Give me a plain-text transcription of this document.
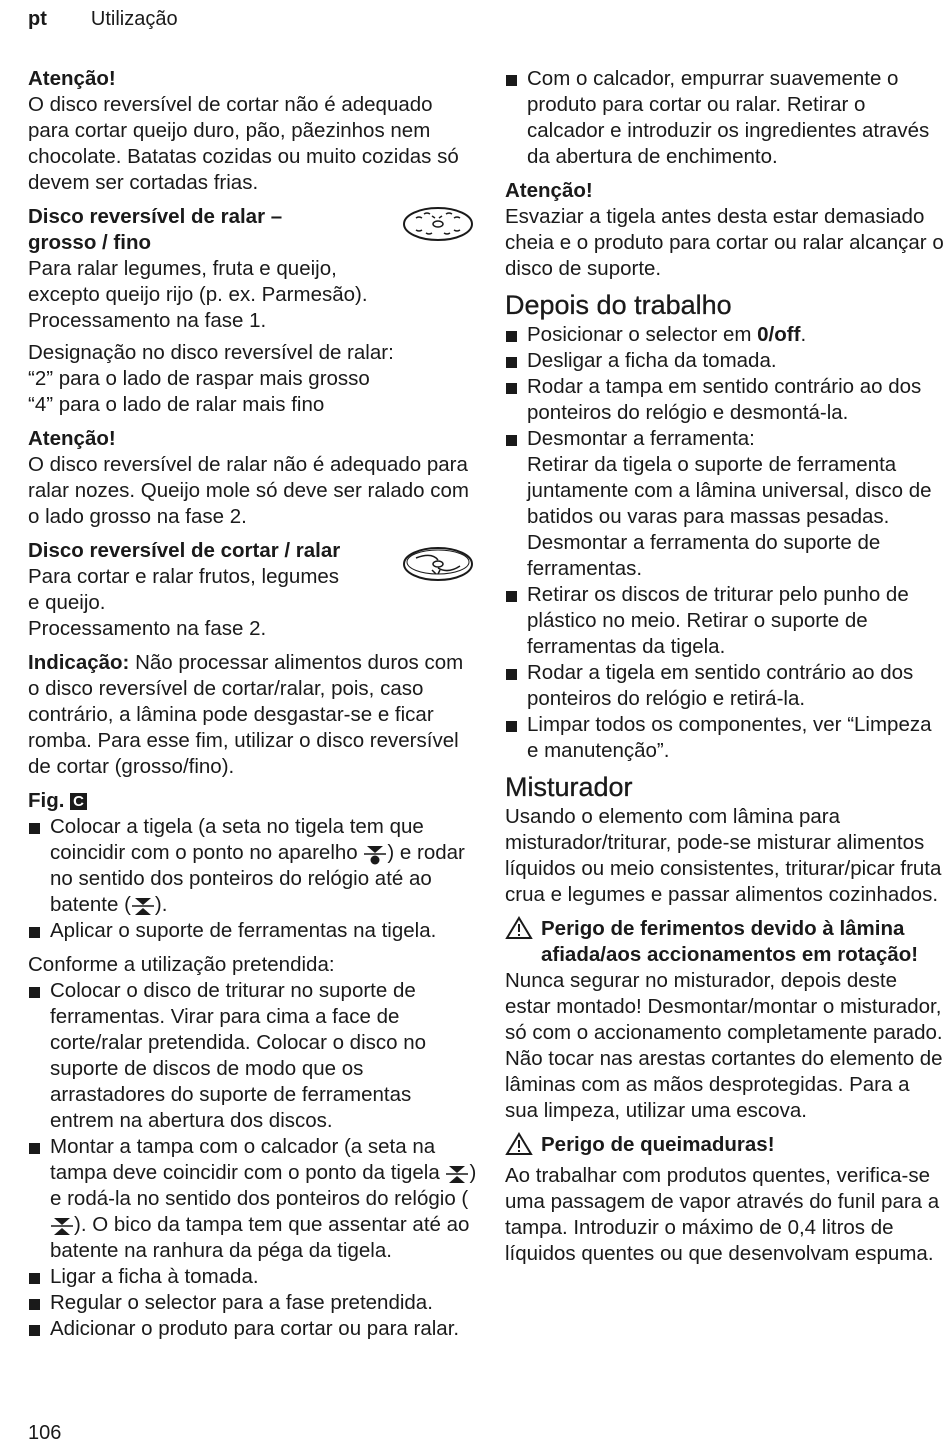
pt Utilização

Atenção!
O disco reversível de cortar não é adequado para cortar queijo duro, pão, pãezinhos nem chocolate. Batatas cozidas ou muito cozidas só devem ser cortadas frias.

Disco reversível de ralar –
grosso / fino
Para ralar legumes, fruta e queijo, excepto queijo rijo (p. ex. Parmesão).
Processamento na fase 1.

Designação no disco reversível de ralar:
“2” para o lado de raspar mais grosso
“4” para o lado de ralar mais fino

Atenção!
O disco reversível de ralar não é adequado para ralar nozes. Queijo mole só deve ser ralado com o lado grosso na fase 2.

Disco reversível de cortar / ralar
Para cortar e ralar frutos, legumes
e queijo.
Processamento na fase 2.

Indicação: Não processar alimentos duros com o disco reversível de cortar/ralar, pois, caso contrário, a lâmina pode desgastar-se e ficar romba. Para esse fim, utilizar o disco reversível de cortar (grosso/fino).

Fig. C
Colocar a tigela (a seta no tigela tem que coincidir com o ponto no aparelho ) e rodar no sentido dos ponteiros do relógio até ao batente ( ).
Aplicar o suporte de ferramentas na tigela.

Conforme a utilização pretendida:

Colocar o disco de triturar no suporte de ferramentas. Virar para cima a face de corte/ralar pretendida. Colocar o disco no suporte de discos de modo que os arrastadores do suporte de ferramentas entrem na abertura dos discos.
Montar a tampa com o calcador (a seta na tampa deve coincidir com o ponto da tigela ) e rodá-la no sentido dos ponteiros do relógio (). O bico da tampa tem que assentar até ao batente na ranhura da péga da tigela.
Ligar a ficha à tomada.
Regular o selector para a fase pretendida.
Adicionar o produto para cortar ou para ralar.
Com o calcador, empurrar suavemente o produto para cortar ou ralar. Retirar o calcador e introduzir os ingredientes através da abertura de enchimento.

Atenção!
Esvaziar a tigela antes desta estar demasiado cheia e o produto para cortar ou ralar alcançar o disco de suporte.

Depois do trabalho
Posicionar o selector em 0/off.
Desligar a ficha da tomada.
Rodar a tampa em sentido contrário ao dos ponteiros do relógio e desmontá-la.
Desmontar a ferramenta:
Retirar da tigela o suporte de ferramenta juntamente com a lâmina universal, disco de batidos ou varas para massas pesadas. Desmontar a ferramenta do suporte de ferramentas.
Retirar os discos de triturar pelo punho de plástico no meio. Retirar o suporte de ferramentas da tigela.
Rodar a tigela em sentido contrário ao dos ponteiros do relógio e retirá-la.
Limpar todos os componentes, ver “Limpeza e manutenção”.
Misturador

Usando o elemento com lâmina para misturador/triturar, pode-se misturar alimentos líquidos ou meio consistentes, triturar/picar fruta crua e legumes e passar alimentos cozinhados.

Perigo de ferimentos devido à lâmina afiada/aos accionamentos em rotação!

Nunca segurar no misturador, depois deste estar montado! Desmontar/montar o misturador, só com o accionamento completamente parado. Não tocar nas arestas cortantes do elemento de lâminas com as mãos desprotegidas. Para a sua limpeza, utilizar uma escova.

Perigo de queimaduras!

Ao trabalhar com produtos quentes, verifica-se uma passagem de vapor através do funil para a tampa. Introduzir o máximo de 0,4 litros de líquidos quentes ou que desenvolvam espuma.

106
